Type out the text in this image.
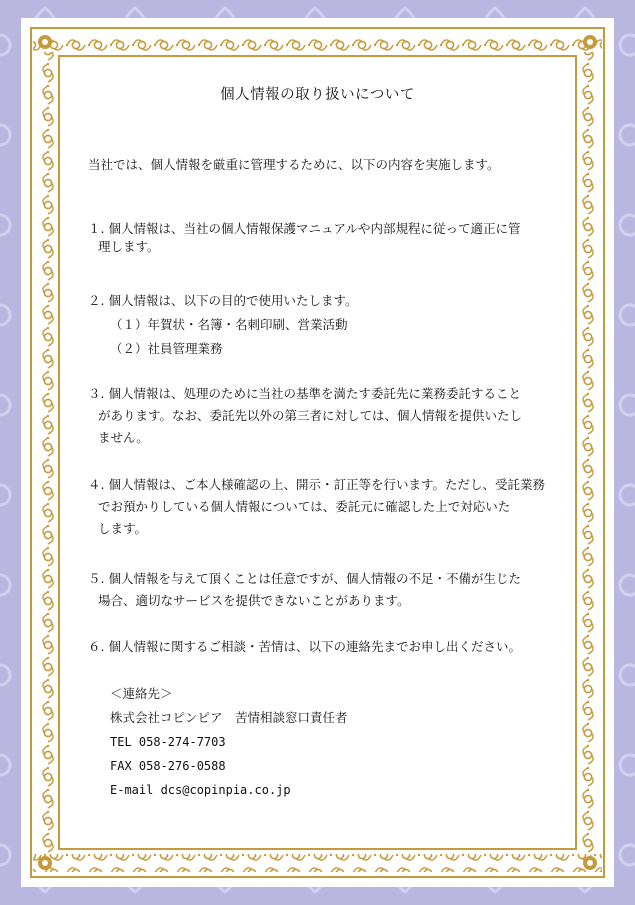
個人情報の取り扱いについて
当社では、個人情報を厳重に管理するために、以下の内容を実施します。
１. 個人情報は、当社の個人情報保護マニュアルや内部規程に従って適正に管
理します。
２. 個人情報は、以下の目的で使用いたします。
（１）年賀状・名簿・名刺印刷、営業活動
（２）社員管理業務
３. 個人情報は、処理のために当社の基準を満たす委託先に業務委託すること
があります。なお、委託先以外の第三者に対しては、個人情報を提供いたし
ません。
４. 個人情報は、ご本人様確認の上、開示・訂正等を行います。ただし、受託業務
でお預かりしている個人情報については、委託元に確認した上で対応いた
します。
５. 個人情報を与えて頂くことは任意ですが、個人情報の不足・不備が生じた
場合、適切なサービスを提供できないことがあります。
６. 個人情報に関するご相談・苦情は、以下の連絡先までお申し出ください。
＜連絡先＞
株式会社コピンピア　苦情相談窓口責任者
TEL 058-274-7703
FAX 058-276-0588
E-mail dcs@copinpia.co.jp
